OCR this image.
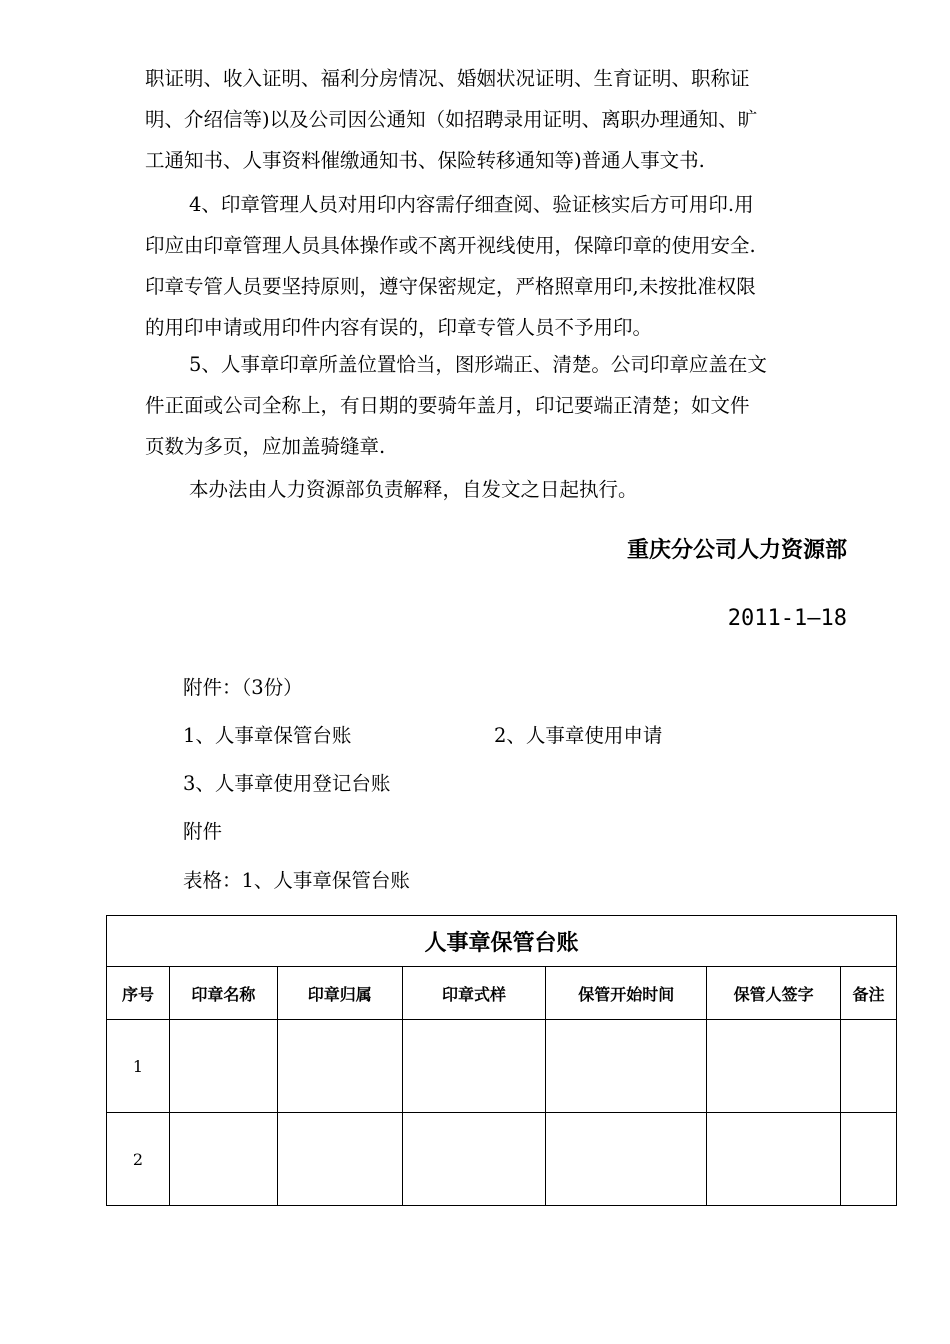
职证明、收入证明、福利分房情况、婚姻状况证明、生育证明、职称证
明、介绍信等)以及公司因公通知（如招聘录用证明、离职办理通知、旷
工通知书、人事资料催缴通知书、保险转移通知等)普通人事文书.

4、印章管理人员对用印内容需仔细查阅、验证核实后方可用印.用
印应由印章管理人员具体操作或不离开视线使用，保障印章的使用安全.
印章专管人员要坚持原则，遵守保密规定，严格照章用印,未按批准权限
的用印申请或用印件内容有误的，印章专管人员不予用印。

5、人事章印章所盖位置恰当，图形端正、清楚。公司印章应盖在文
件正面或公司全称上，有日期的要骑年盖月，印记要端正清楚；如文件
页数为多页，应加盖骑缝章.

本办法由人力资源部负责解释，自发文之日起执行。

重庆分公司人力资源部
2011-1—18
附件：（3份）
1、人事章保管台账	2、人事章使用申请
3、人事章使用登记台账
附件
表格：1、人事章保管台账
人事章保管台账						
序号	印章名称	印章归属	印章式样	保管开始时间	保管人签字	备注
1						
2						
